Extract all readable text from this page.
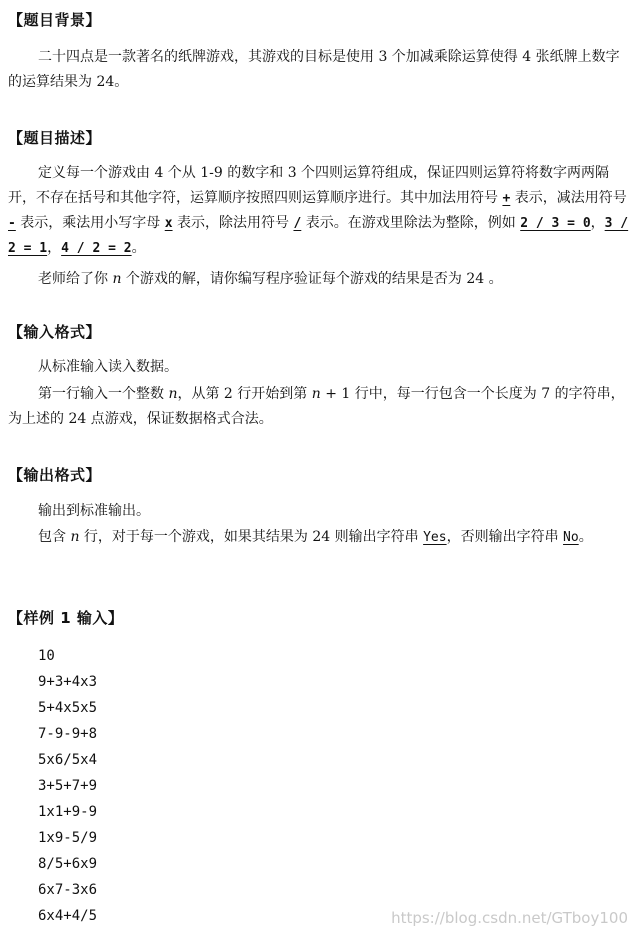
【题目背景】
二十四点是一款著名的纸牌游戏，其游戏的目标是使用 3 个加减乘除运算使得 4 张纸牌上数字的运算结果为 24。
【题目描述】
定义每一个游戏由 4 个从 1-9 的数字和 3 个四则运算符组成，保证四则运算符将数字两两隔开，不存在括号和其他字符，运算顺序按照四则运算顺序进行。其中加法用符号 + 表示，减法用符号 - 表示，乘法用小写字母 x 表示，除法用符号 / 表示。在游戏里除法为整除，例如 2 / 3 = 0，3 / 2 = 1，4 / 2 = 2。
老师给了你 n 个游戏的解，请你编写程序验证每个游戏的结果是否为 24 。
【输入格式】
从标准输入读入数据。
第一行输入一个整数 n，从第 2 行开始到第 n + 1 行中，每一行包含一个长度为 7 的字符串，为上述的 24 点游戏，保证数据格式合法。
【输出格式】
输出到标准输出。
包含 n 行，对于每一个游戏，如果其结果为 24 则输出字符串 Yes，否则输出字符串 No。
【样例 1 输入】
10
9+3+4x3
5+4x5x5
7-9-9+8
5x6/5x4
3+5+7+9
1x1+9-9
1x9-5/9
8/5+6x9
6x7-3x6
6x4+4/5	https://blog.csdn.net/GTboy100
